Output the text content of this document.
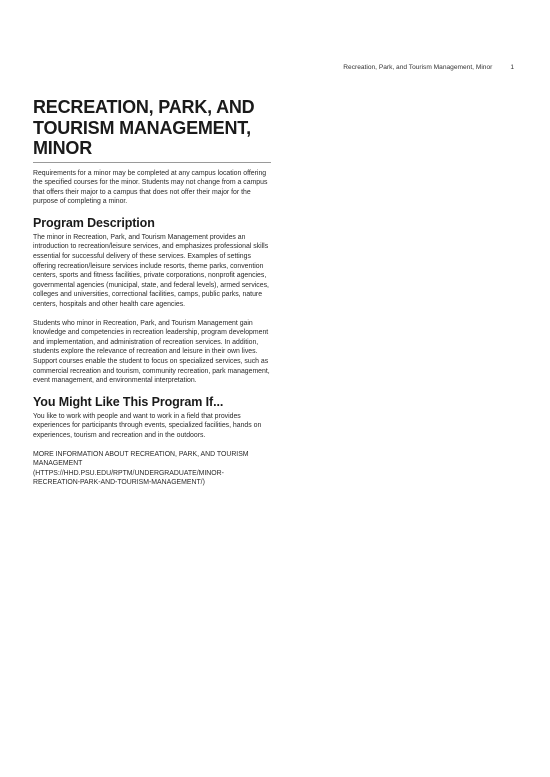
Recreation, Park, and Tourism Management, Minor	1
RECREATION, PARK, AND
TOURISM MANAGEMENT,
MINOR

Requirements for a minor may be completed at any campus location offering the specified courses for the minor. Students may not change from a campus that offers their major to a campus that does not offer their major for the purpose of completing a minor.

Program Description

The minor in Recreation, Park, and Tourism Management provides an introduction to recreation/leisure services, and emphasizes professional skills essential for successful delivery of these services. Examples of settings offering recreation/leisure services include resorts, theme parks, convention centers, sports and fitness facilities, private corporations, nonprofit agencies, governmental agencies (municipal, state, and federal levels), armed services, colleges and universities, correctional facilities, camps, public parks, nature centers, hospitals and other health care agencies.

Students who minor in Recreation, Park, and Tourism Management gain knowledge and competencies in recreation leadership, program development and implementation, and administration of recreation services. In addition, students explore the relevance of recreation and leisure in their own lives. Support courses enable the student to focus on specialized services, such as commercial recreation and tourism, community recreation, park management, event management, and environmental interpretation.

You Might Like This Program If...

You like to work with people and want to work in a field that provides experiences for participants through events, specialized facilities, hands on experiences, tourism and recreation and in the outdoors.

MORE INFORMATION ABOUT RECREATION, PARK, AND TOURISM
MANAGEMENT (HTTPS://HHD.PSU.EDU/RPTM/UNDERGRADUATE/MINOR-
RECREATION-PARK-AND-TOURISM-MANAGEMENT/)
